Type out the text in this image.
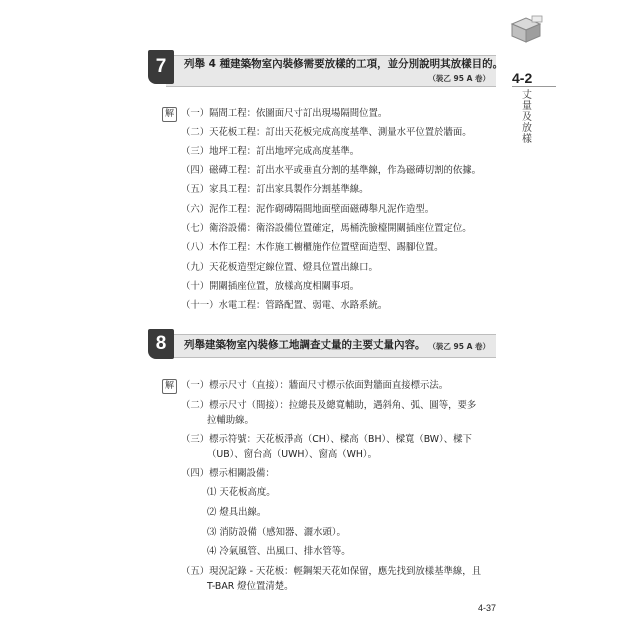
4-2
丈
量
及
放
樣
7	列舉 4 種建築物室內裝修需要放樣的工項，並分別說明其放樣目的。
（裝乙 95 A 卷）
解 （一）隔間工程：依圖面尺寸訂出現場隔間位置。
（二）天花板工程：訂出天花板完成高度基準、測量水平位置於牆面。
（三）地坪工程：訂出地坪完成高度基準。
（四）磁磚工程：訂出水平或垂直分割的基準線，作為磁磚切割的依據。
（五）家具工程：訂出家具製作分割基準線。
（六）泥作工程：泥作砌磚隔間地面壁面磁磚舉凡泥作造型。
（七）衛浴設備：衛浴設備位置確定，馬桶洗臉檯開關插座位置定位。
（八）木作工程：木作施工櫥櫃施作位置壁面造型、踢腳位置。
（九）天花板造型定線位置、燈具位置出線口。
（十）開關插座位置，放樣高度相關事項。
（十一）水電工程：管路配置、弱電、水路系統。
8	列舉建築物室內裝修工地調查丈量的主要丈量內容。 （裝乙 95 A 卷）
解 （一）標示尺寸（直接）：牆面尺寸標示依面對牆面直接標示法。
（二）標示尺寸（間接）：拉總長及總寬輔助，遇斜角、弧、圓等，要多
拉輔助線。
（三）標示符號：天花板淨高（CH）、樑高（BH）、樑寬（BW）、樑下
（UB）、窗台高（UWH）、窗高（WH）。
（四）標示相關設備：
⑴ 天花板高度。
⑵ 燈具出線。
⑶ 消防設備（感知器、灑水頭）。
⑷ 冷氣風管、出風口、排水管等。
（五）現況記錄 - 天花板：輕鋼架天花如保留，應先找到放樣基準線，且
T-BAR 燈位置清楚。
4-37
